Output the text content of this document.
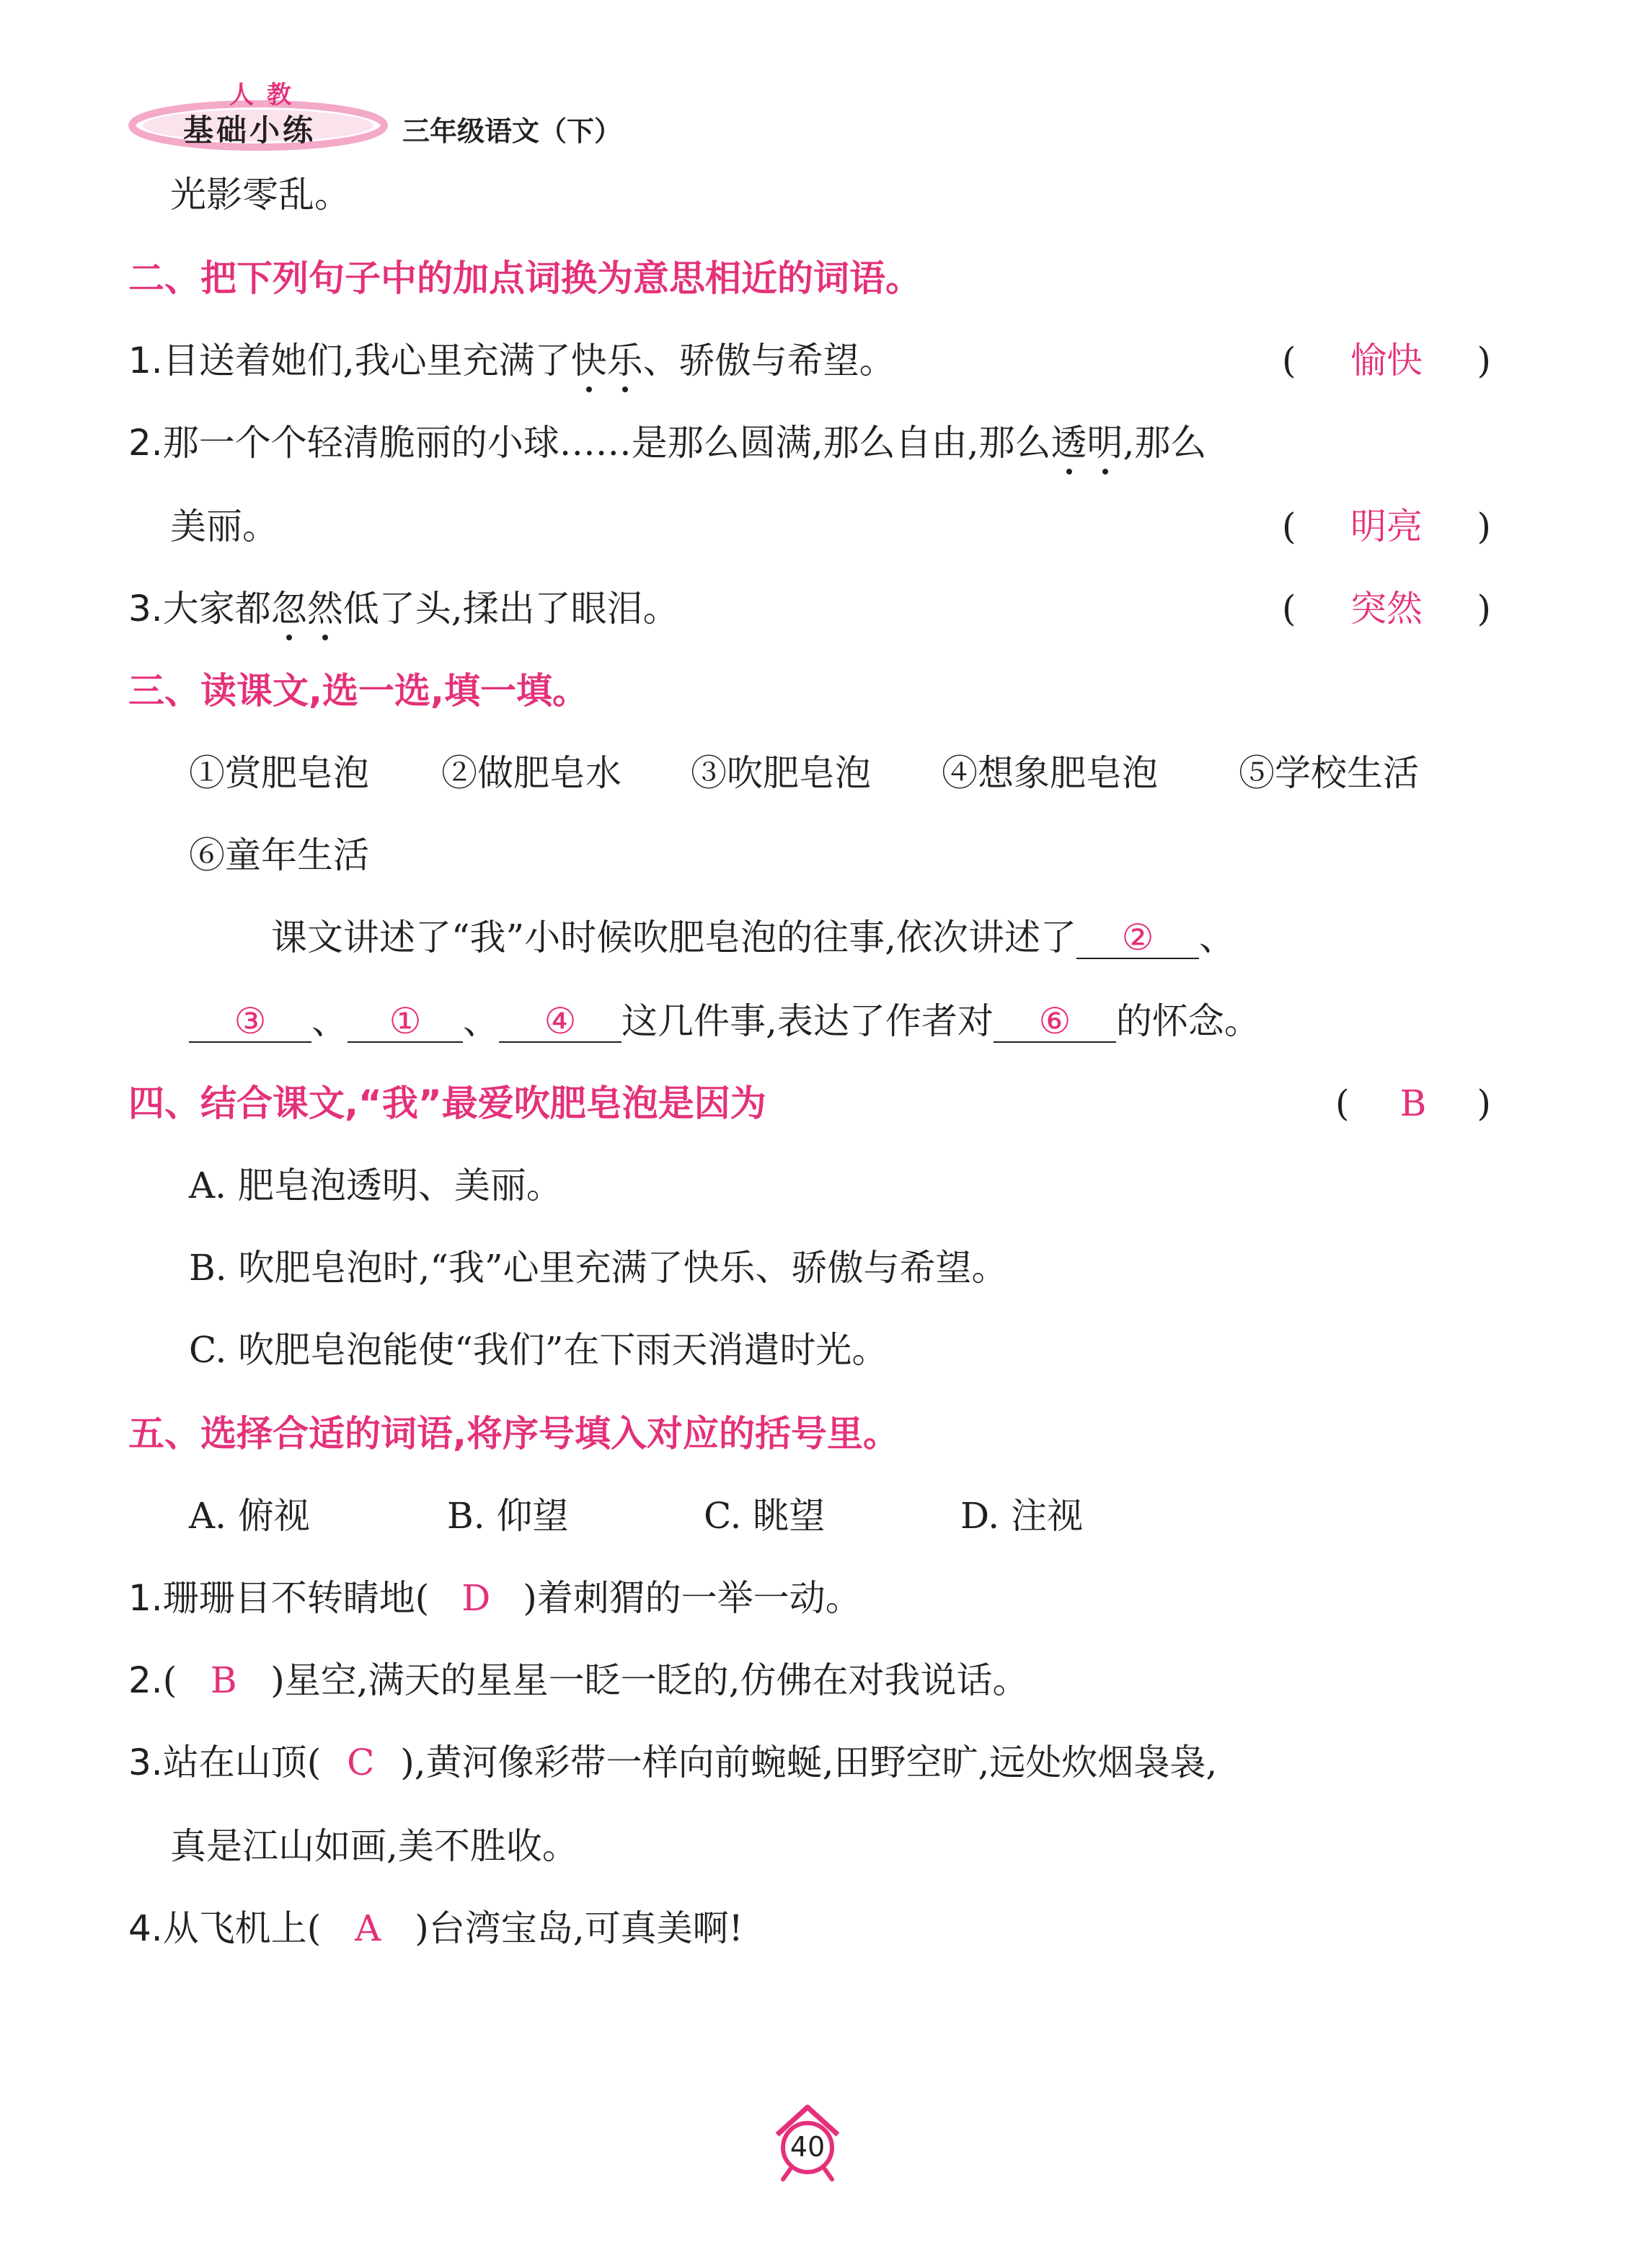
人教
基础小练	三年级语文（下）
光影零乱。
二、把下列句子中的加点词换为意思相近的词语。
1.目送着她们,我心里充满了快乐、骄傲与希望。	(	愉快	)
2.那一个个轻清脆丽的小球……是那么圆满,那么自由,那么透明,那么
美丽。	(	明亮	)
3.大家都忽然低了头,揉出了眼泪。	(	突然	)
三、读课文,选一选,填一填。
①赏肥皂泡 ②做肥皂水 ③吹肥皂泡 ④想象肥皂泡 ⑤学校生活
⑥童年生活
课文讲述了“我”小时候吹肥皂泡的往事,依次讲述了 ② 、
③ 、 ① 、 ④ 这几件事,表达了作者对 ⑥ 的怀念。
四、结合课文,“我”最爱吹肥皂泡是因为	(	B	)
A. 肥皂泡透明、美丽。
B. 吹肥皂泡时,“我”心里充满了快乐、骄傲与希望。
C. 吹肥皂泡能使“我们”在下雨天消遣时光。
五、选择合适的词语,将序号填入对应的括号里。
A. 俯视	B. 仰望	C. 眺望	D. 注视
1.珊珊目不转睛地( D )着刺猬的一举一动。
2.( B )星空,满天的星星一眨一眨的,仿佛在对我说话。
3.站在山顶( C ),黄河像彩带一样向前蜿蜒,田野空旷,远处炊烟袅袅,
真是江山如画,美不胜收。
4.从飞机上( A )台湾宝岛,可真美啊!
40
